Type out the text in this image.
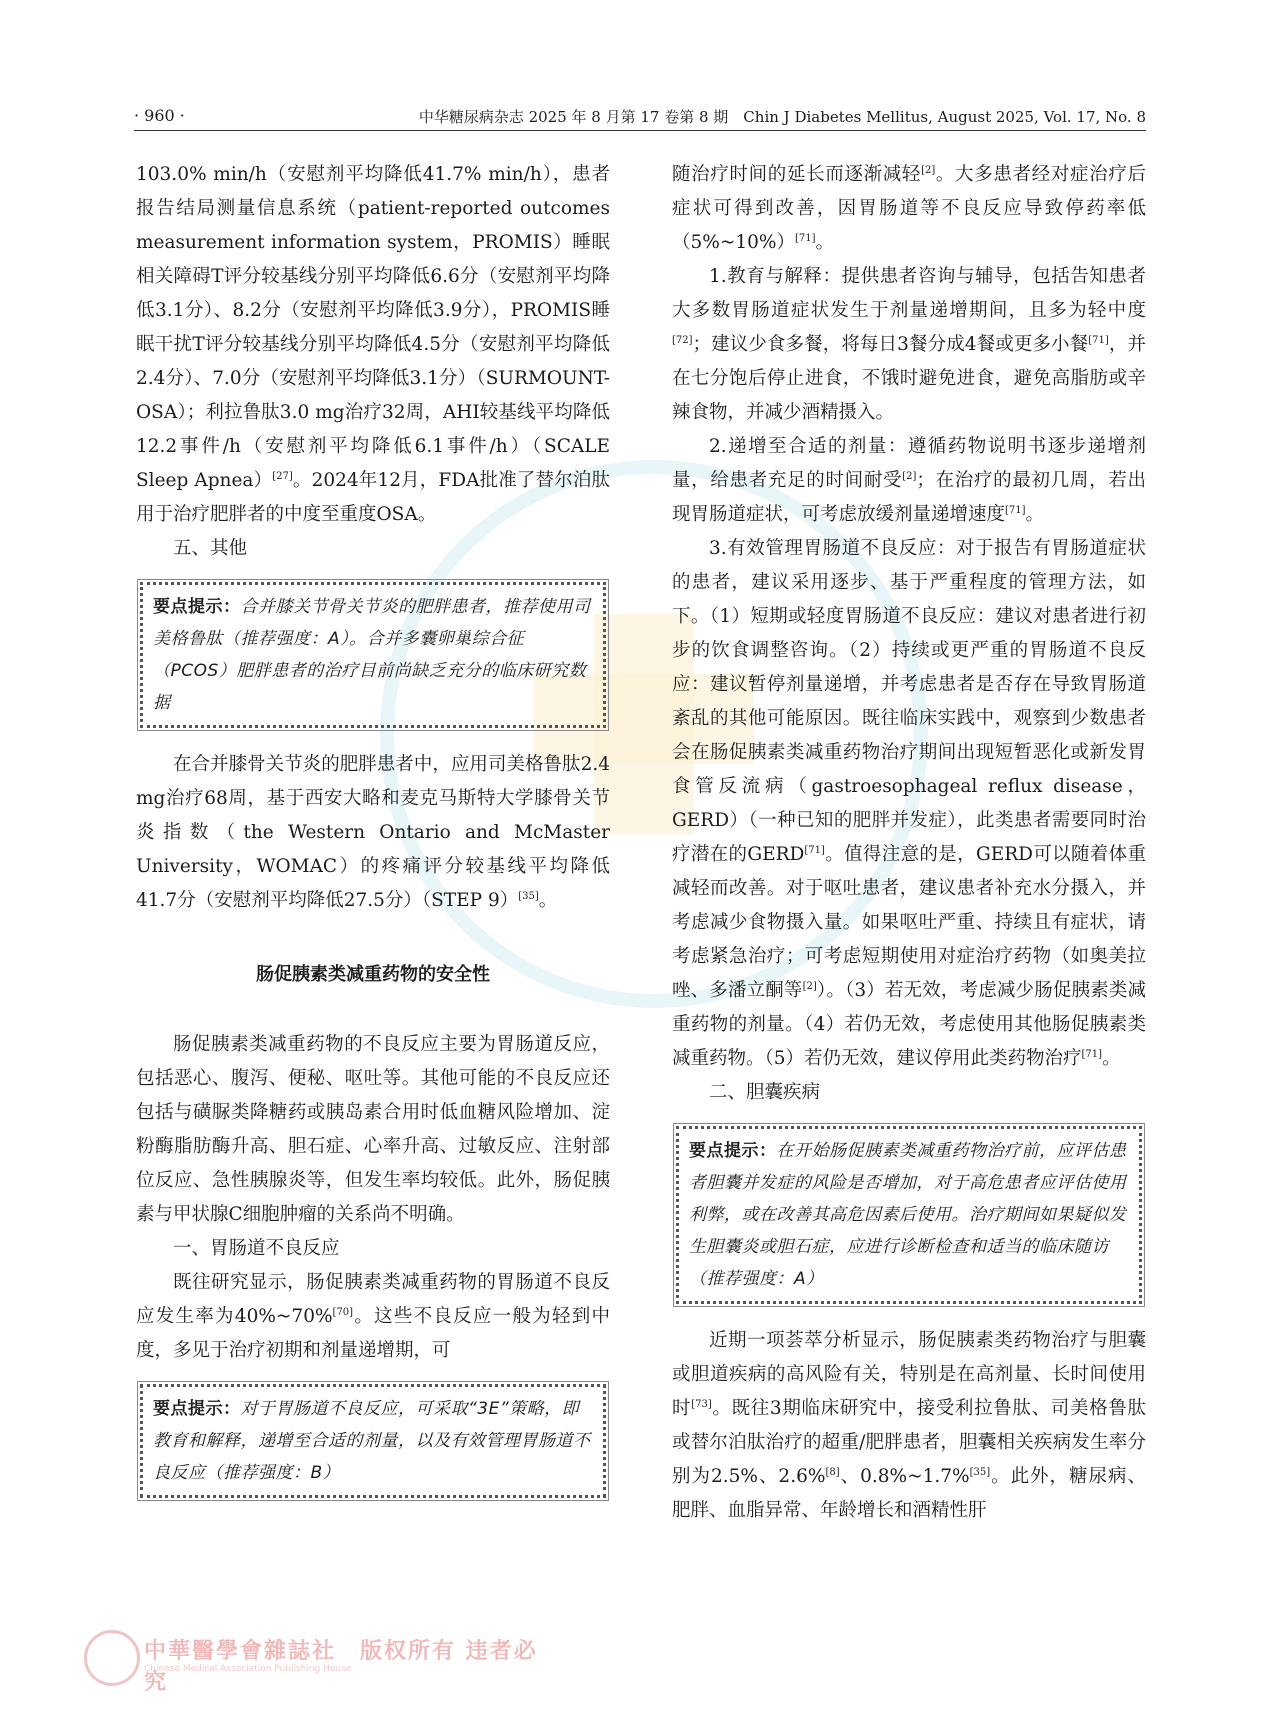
· 960 ·	中华糖尿病杂志 2025 年 8 月第 17 卷第 8 期　Chin J Diabetes Mellitus, August 2025, Vol. 17, No. 8

103.0% min/h（安慰剂平均降低41.7% min/h），患者报告结局测量信息系统（patient-reported outcomes measurement information system，PROMIS）睡眠相关障碍T评分较基线分别平均降低6.6分（安慰剂平均降低3.1分）、8.2分（安慰剂平均降低3.9分），PROMIS睡眠干扰T评分较基线分别平均降低4.5分（安慰剂平均降低2.4分）、7.0分（安慰剂平均降低3.1分）（SURMOUNT-OSA）；利拉鲁肽3.0 mg治疗32周，AHI较基线平均降低12.2事件/h（安慰剂平均降低6.1事件/h）（SCALE Sleep Apnea）[27]。2024年12月，FDA批准了替尔泊肽用于治疗肥胖者的中度至重度OSA。

五、其他
要点提示：合并膝关节骨关节炎的肥胖患者，推荐使用司美格鲁肽（推荐强度：A）。合并多囊卵巢综合征（PCOS）肥胖患者的治疗目前尚缺乏充分的临床研究数据

在合并膝骨关节炎的肥胖患者中，应用司美格鲁肽2.4 mg治疗68周，基于西安大略和麦克马斯特大学膝骨关节炎指数（the Western Ontario and McMaster University，WOMAC）的疼痛评分较基线平均降低41.7分（安慰剂平均降低27.5分）（STEP 9）[35]。

肠促胰素类减重药物的安全性

肠促胰素类减重药物的不良反应主要为胃肠道反应，包括恶心、腹泻、便秘、呕吐等。其他可能的不良反应还包括与磺脲类降糖药或胰岛素合用时低血糖风险增加、淀粉酶脂肪酶升高、胆石症、心率升高、过敏反应、注射部位反应、急性胰腺炎等，但发生率均较低。此外，肠促胰素与甲状腺C细胞肿瘤的关系尚不明确。

一、胃肠道不良反应

既往研究显示，肠促胰素类减重药物的胃肠道不良反应发生率为40%~70%[70]。这些不良反应一般为轻到中度，多见于治疗初期和剂量递增期，可

要点提示：对于胃肠道不良反应，可采取“3E”策略，即教育和解释，递增至合适的剂量，以及有效管理胃肠道不良反应（推荐强度：B）

随治疗时间的延长而逐渐减轻[2]。大多患者经对症治疗后症状可得到改善，因胃肠道等不良反应导致停药率低（5%~10%）[71]。

1.教育与解释：提供患者咨询与辅导，包括告知患者大多数胃肠道症状发生于剂量递增期间，且多为轻中度[72]；建议少食多餐，将每日3餐分成4餐或更多小餐[71]，并在七分饱后停止进食，不饿时避免进食，避免高脂肪或辛辣食物，并减少酒精摄入。

2.递增至合适的剂量：遵循药物说明书逐步递增剂量，给患者充足的时间耐受[2]；在治疗的最初几周，若出现胃肠道症状，可考虑放缓剂量递增速度[71]。

3.有效管理胃肠道不良反应：对于报告有胃肠道症状的患者，建议采用逐步、基于严重程度的管理方法，如下。（1）短期或轻度胃肠道不良反应：建议对患者进行初步的饮食调整咨询。（2）持续或更严重的胃肠道不良反应：建议暂停剂量递增，并考虑患者是否存在导致胃肠道紊乱的其他可能原因。既往临床实践中，观察到少数患者会在肠促胰素类减重药物治疗期间出现短暂恶化或新发胃食管反流病（gastroesophageal reflux disease，GERD）（一种已知的肥胖并发症），此类患者需要同时治疗潜在的GERD[71]。值得注意的是，GERD可以随着体重减轻而改善。对于呕吐患者，建议患者补充水分摄入，并考虑减少食物摄入量。如果呕吐严重、持续且有症状，请考虑紧急治疗；可考虑短期使用对症治疗药物（如奥美拉唑、多潘立酮等[2]）。（3）若无效，考虑减少肠促胰素类减重药物的剂量。（4）若仍无效，考虑使用其他肠促胰素类减重药物。（5）若仍无效，建议停用此类药物治疗[71]。

二、胆囊疾病
要点提示：在开始肠促胰素类减重药物治疗前，应评估患者胆囊并发症的风险是否增加，对于高危患者应评估使用利弊，或在改善其高危因素后使用。治疗期间如果疑似发生胆囊炎或胆石症，应进行诊断检查和适当的临床随访（推荐强度：A）

近期一项荟萃分析显示，肠促胰素类药物治疗与胆囊或胆道疾病的高风险有关，特别是在高剂量、长时间使用时[73]。既往3期临床研究中，接受利拉鲁肽、司美格鲁肽或替尔泊肽治疗的超重/肥胖患者，胆囊相关疾病发生率分别为2.5%、2.6%[8]、0.8%~1.7%[35]。此外，糖尿病、肥胖、血脂异常、年龄增长和酒精性肝

中華醫學會雜誌社　版权所有 违者必究
Chinese Medical Association Publishing House
